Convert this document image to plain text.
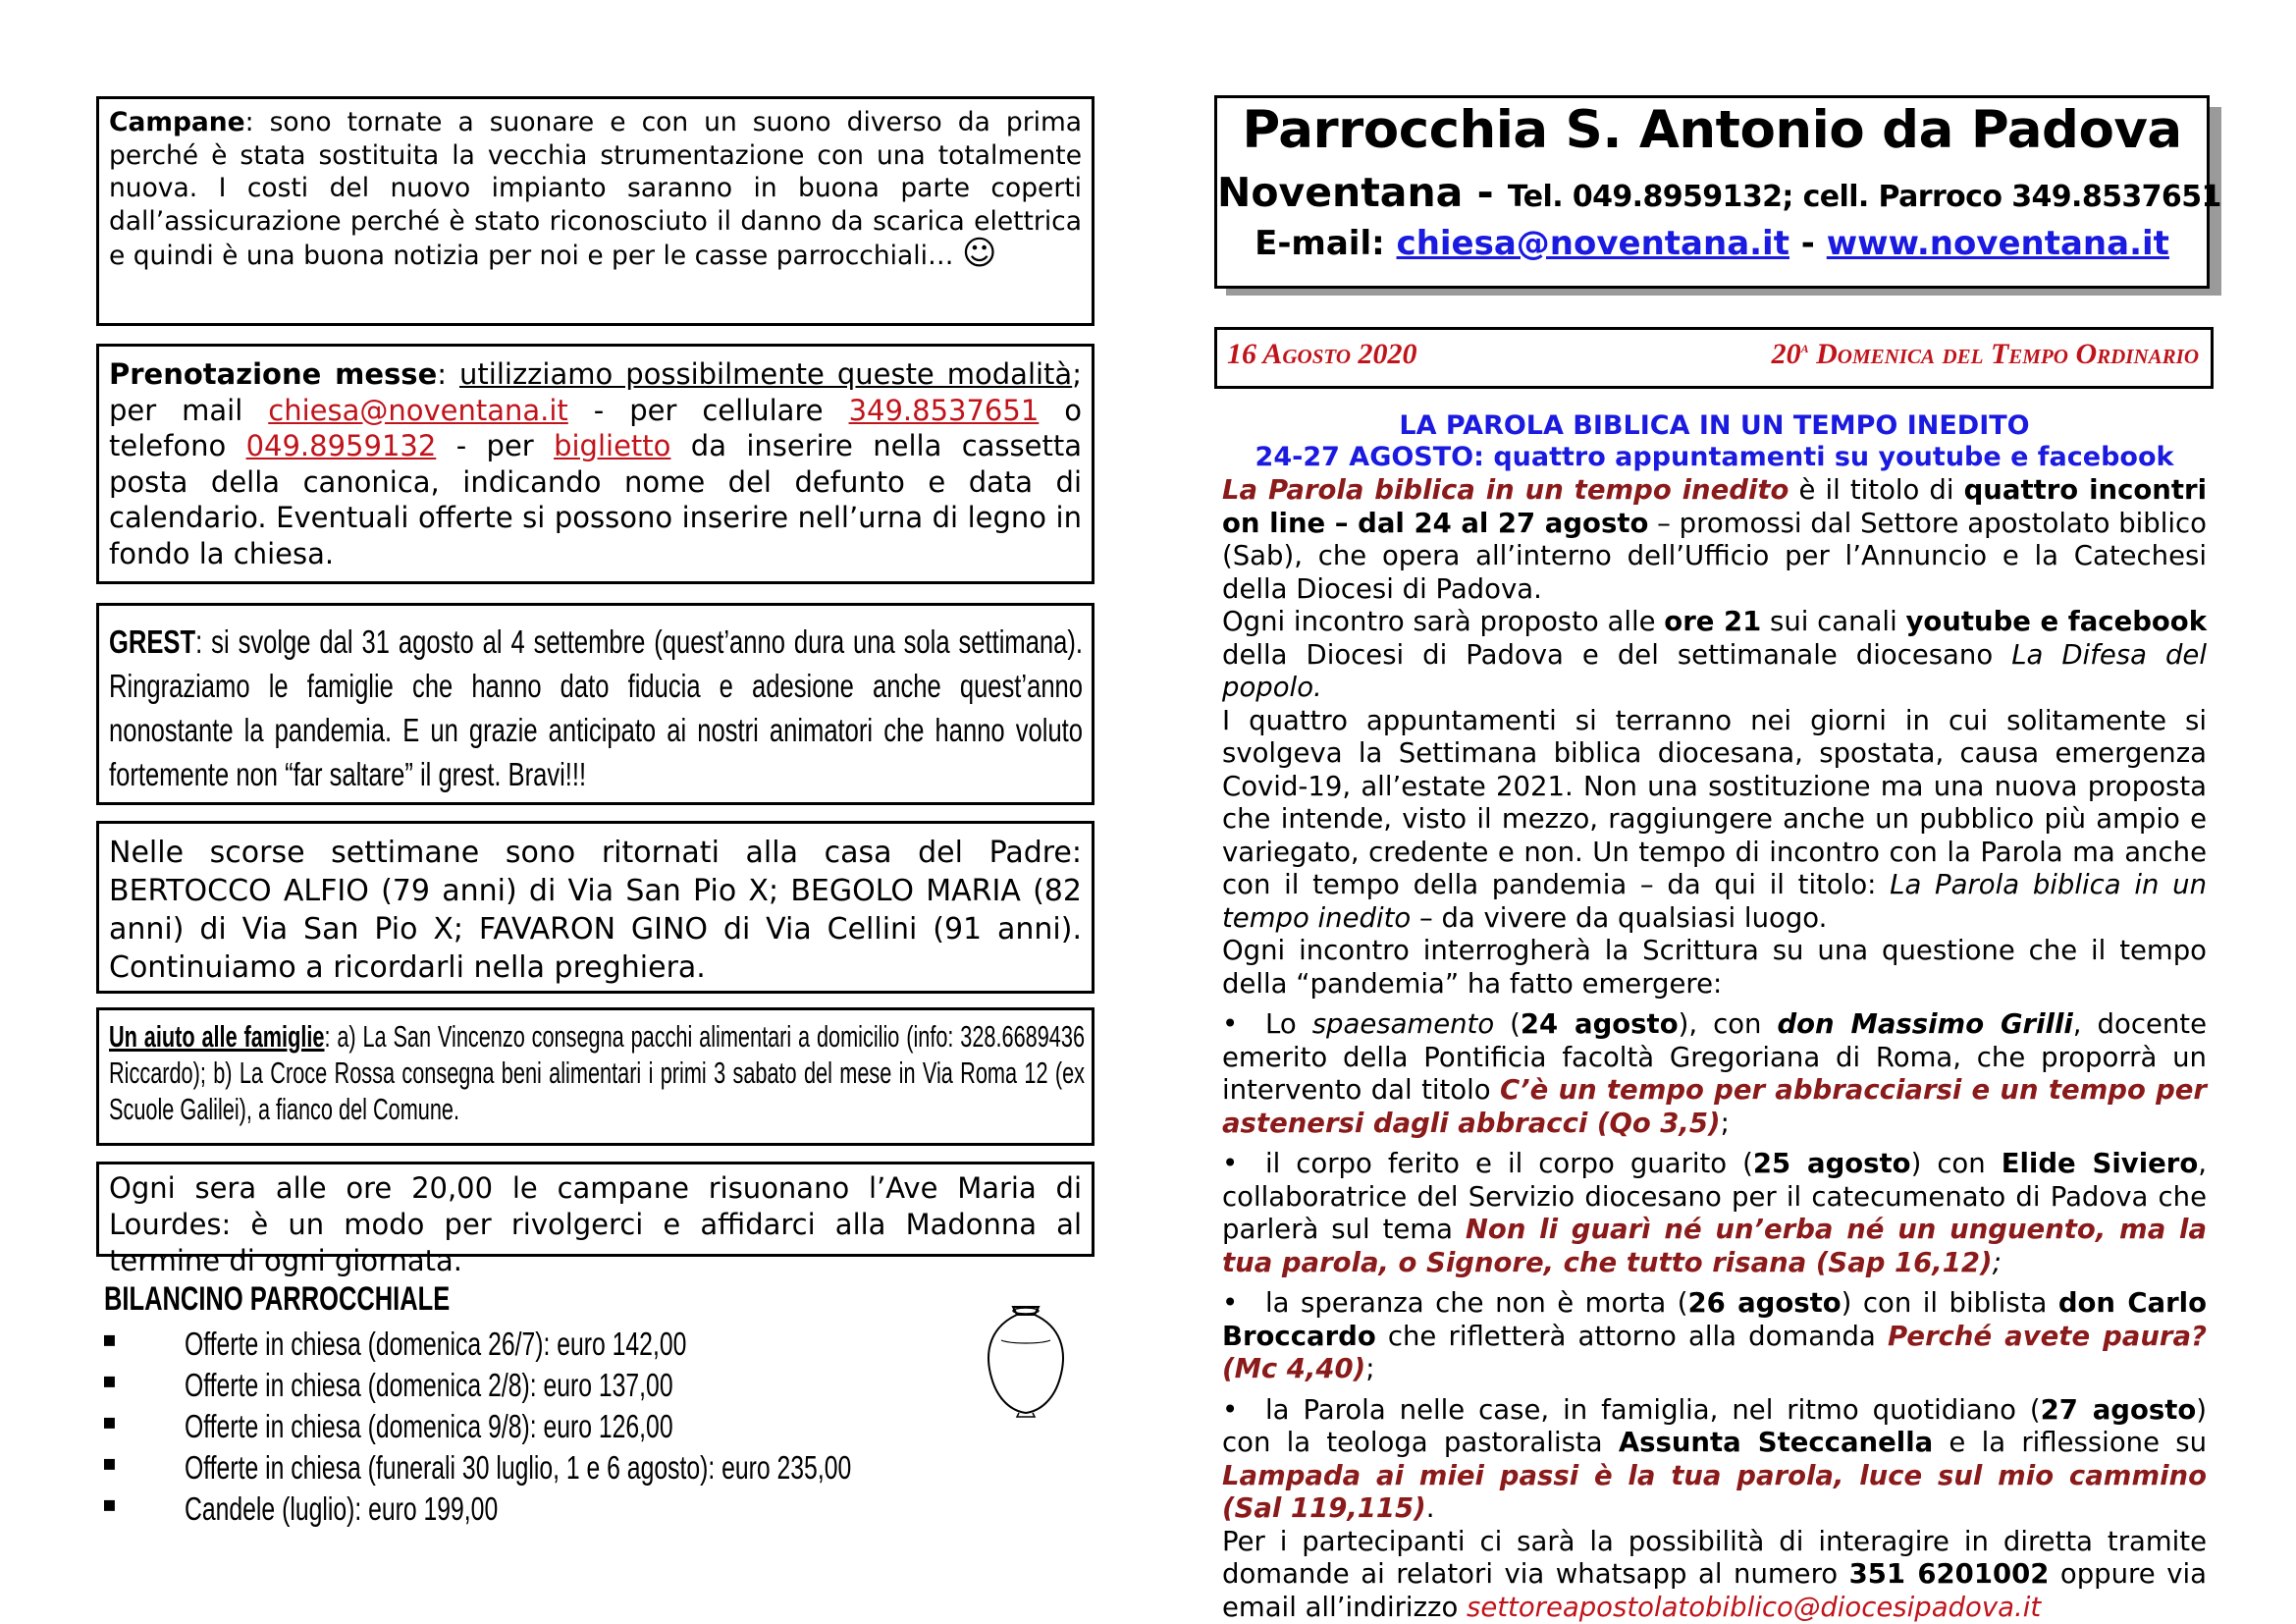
Campane: sono tornate a suonare e con un suono diverso da prima perché è stata sostituita la vecchia strumentazione con una totalmente nuova. I costi del nuovo impianto saranno in buona parte coperti dall’assicurazione perché è stato riconosciuto il danno da scarica elettrica e quindi è una buona notizia per noi e per le casse parrocchiali… ☺
Prenotazione messe: utilizziamo possibilmente queste modalità; per mail chiesa@noventana.it - per cellulare 349.8537651 o telefono 049.8959132 - per biglietto da inserire nella cassetta posta della canonica, indicando nome del defunto e data di calendario. Eventuali offerte si possono inserire nell’urna di legno in fondo la chiesa.
GREST: si svolge dal 31 agosto al 4 settembre (quest’anno dura una sola settimana). Ringraziamo le famiglie che hanno dato fiducia e adesione anche quest’anno nonostante la pandemia. E un grazie anticipato ai nostri animatori che hanno voluto fortemente non “far saltare” il grest. Bravi!!!
Nelle scorse settimane sono ritornati alla casa del Padre: BERTOCCO ALFIO (79 anni) di Via San Pio X; BEGOLO MARIA (82 anni) di Via San Pio X; FAVARON GINO di Via Cellini (91 anni). Continuiamo a ricordarli nella preghiera.
Un aiuto alle famiglie: a) La San Vincenzo consegna pacchi alimentari a domicilio (info: 328.6689436 Riccardo); b) La Croce Rossa consegna beni alimentari i primi 3 sabato del mese in Via Roma 12 (ex Scuole Galilei), a fianco del Comune.
Ogni sera alle ore 20,00 le campane risuonano l’Ave Maria di Lourdes: è un modo per rivolgerci e affidarci alla Madonna al termine di ogni giornata.
BILANCINO PARROCCHIALE
▪ Offerte in chiesa (domenica 26/7): euro 142,00
▪ Offerte in chiesa (domenica 2/8): euro 137,00
▪ Offerte in chiesa (domenica 9/8): euro 126,00
▪ Offerte in chiesa (funerali 30 luglio, 1 e 6 agosto): euro 235,00
▪ Candele (luglio): euro 199,00
Parrocchia S. Antonio da Padova
Noventana - Tel. 049.8959132; cell. Parroco 349.8537651
E-mail: chiesa@noventana.it - www.noventana.it
16 Agosto 2020	20$^a$ Domenica del Tempo Ordinario
LA PAROLA BIBLICA IN UN TEMPO INEDITO
24-27 AGOSTO: quattro appuntamenti su youtube e facebook

La Parola biblica in un tempo inedito è il titolo di quattro incontri on line – dal 24 al 27 agosto – promossi dal Settore apostolato biblico (Sab), che opera all’interno dell’Ufficio per l’Annuncio e la Catechesi della Diocesi di Padova.

Ogni incontro sarà proposto alle ore 21 sui canali youtube e facebook della Diocesi di Padova e del settimanale diocesano La Difesa del popolo.

I quattro appuntamenti si terranno nei giorni in cui solitamente si svolgeva la Settimana biblica diocesana, spostata, causa emergenza Covid-19, all’estate 2021. Non una sostituzione ma una nuova proposta che intende, visto il mezzo, raggiungere anche un pubblico più ampio e variegato, credente e non. Un tempo di incontro con la Parola ma anche con il tempo della pandemia – da qui il titolo: La Parola biblica in un tempo inedito – da vivere da qualsiasi luogo.

Ogni incontro interrogherà la Scrittura su una questione che il tempo della “pandemia” ha fatto emergere:

• Lo spaesamento (24 agosto), con don Massimo Grilli, docente emerito della Pontificia facoltà Gregoriana di Roma, che proporrà un intervento dal titolo C’è un tempo per abbracciarsi e un tempo per astenersi dagli abbracci (Qo 3,5);

• il corpo ferito e il corpo guarito (25 agosto) con Elide Siviero, collaboratrice del Servizio diocesano per il catecumenato di Padova che parlerà sul tema Non li guarì né un’erba né un unguento, ma la tua parola, o Signore, che tutto risana (Sap 16,12);

• la speranza che non è morta (26 agosto) con il biblista don Carlo Broccardo che rifletterà attorno alla domanda Perché avete paura? (Mc 4,40);

• la Parola nelle case, in famiglia, nel ritmo quotidiano (27 agosto) con la teologa pastoralista Assunta Steccanella e la riflessione su Lampada ai miei passi è la tua parola, luce sul mio cammino (Sal 119,115).

Per i partecipanti ci sarà la possibilità di interagire in diretta tramite domande ai relatori via whatsapp al numero 351 6201002 oppure via email all’indirizzo settoreapostolatobiblico@diocesipadova.it
